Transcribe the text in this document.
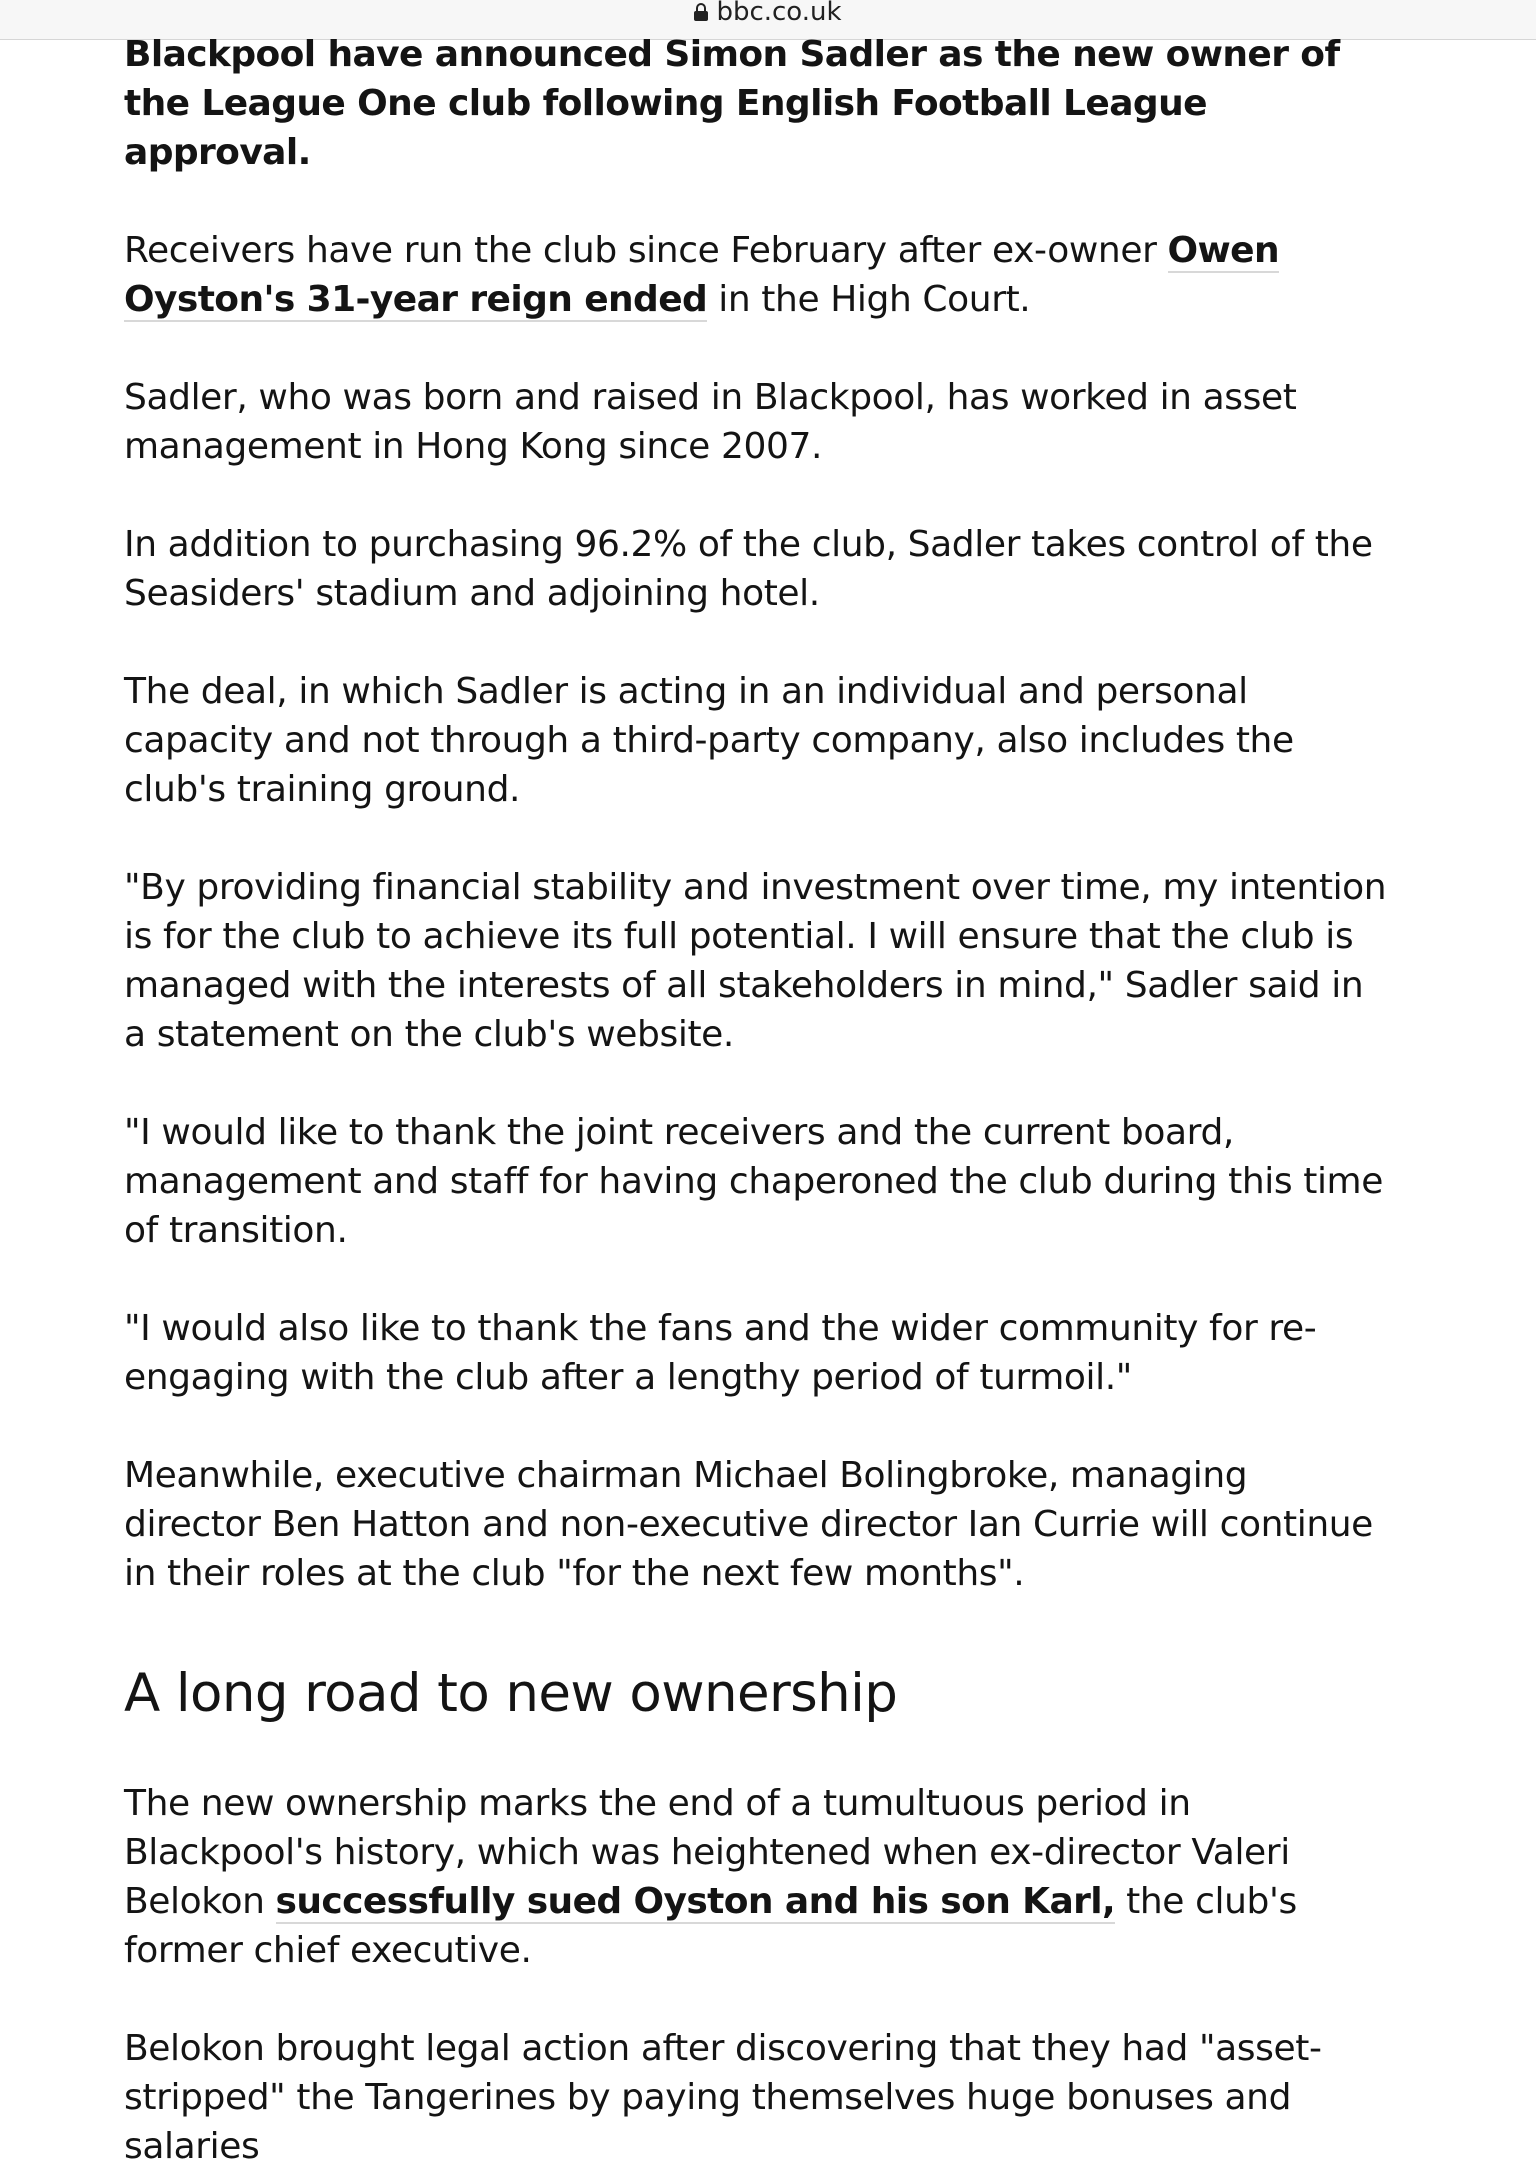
bbc.co.uk

Blackpool have announced Simon Sadler as the new owner of the League One club following English Football League approval.

Receivers have run the club since February after ex-owner Owen Oyston's 31-year reign ended in the High Court.

Sadler, who was born and raised in Blackpool, has worked in asset management in Hong Kong since 2007.

In addition to purchasing 96.2% of the club, Sadler takes control of the Seasiders' stadium and adjoining hotel.

The deal, in which Sadler is acting in an individual and personal capacity and not through a third-party company, also includes the club's training ground.

"By providing financial stability and investment over time, my intention is for the club to achieve its full potential. I will ensure that the club is managed with the interests of all stakeholders in mind," Sadler said in a statement on the club's website.

"I would like to thank the joint receivers and the current board, management and staff for having chaperoned the club during this time of transition.

"I would also like to thank the fans and the wider community for re-engaging with the club after a lengthy period of turmoil."

Meanwhile, executive chairman Michael Bolingbroke, managing director Ben Hatton and non-executive director Ian Currie will continue in their roles at the club "for the next few months".

A long road to new ownership

The new ownership marks the end of a tumultuous period in Blackpool's history, which was heightened when ex-director Valeri Belokon successfully sued Oyston and his son Karl, the club's former chief executive.

Belokon brought legal action after discovering that they had "asset-stripped" the Tangerines by paying themselves huge bonuses and salaries
